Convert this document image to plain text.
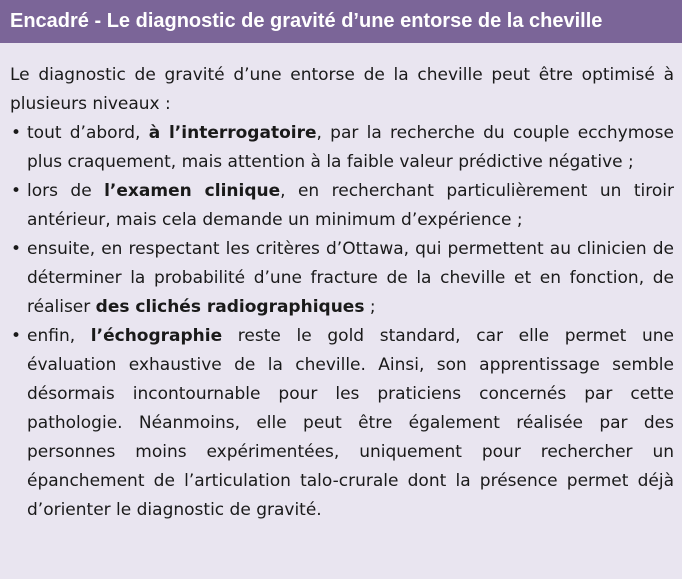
Encadré - Le diagnostic de gravité d’une entorse de la cheville

Le diagnostic de gravité d’une entorse de la cheville peut être optimisé à plusieurs niveaux :

• tout d’abord, à l’interrogatoire, par la recherche du couple ecchymose plus craquement, mais attention à la faible valeur prédictive négative ;
• lors de l’examen clinique, en recherchant particulièrement un tiroir antérieur, mais cela demande un minimum d’expérience ;
• ensuite, en respectant les critères d’Ottawa, qui permettent au clinicien de déterminer la probabilité d’une fracture de la cheville et en fonction, de réaliser des clichés radiographiques ;
• enfin, l’échographie reste le gold standard, car elle permet une évaluation exhaustive de la cheville. Ainsi, son apprentissage semble désormais incontournable pour les praticiens concernés par cette pathologie. Néanmoins, elle peut être également réalisée par des personnes moins expérimentées, uniquement pour rechercher un épanchement de l’articulation talo-crurale dont la présence permet déjà d’orienter le diagnostic de gravité.
